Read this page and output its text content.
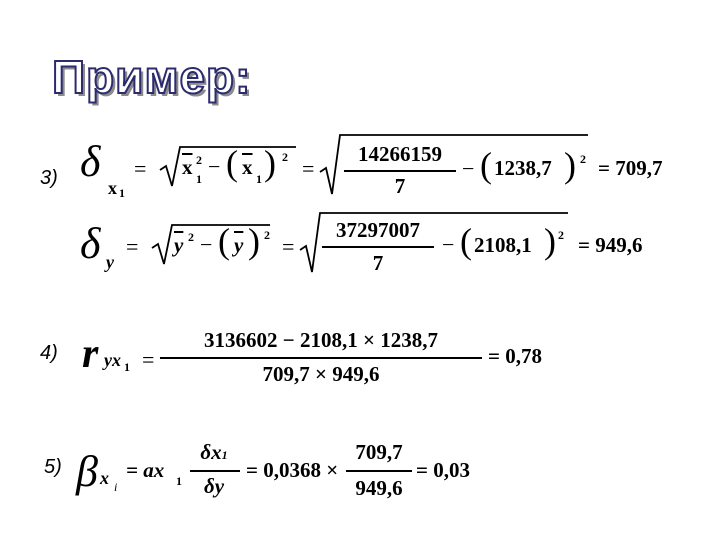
Пример:
3)
4)
5)
δ
x 1
= $\overline{x}$ 2
1 − ( $\overline{x}$ 1 ) 2 =
14266159
7
− ( 1238,7 ) 2 = 709,7
δ y
= $\overline{y}$ 2 − ( $\overline{y}$ ) 2 =
37297007
7
− ( 2108,1 ) 2 = 949,6
r yx 1 =
3136602 − 2108,1 × 1238,7
709,7 × 949,6
= 0,78
β x i
= ax 1
δx1
δy
= 0,0368 ×
709,7
949,6
= 0,03
